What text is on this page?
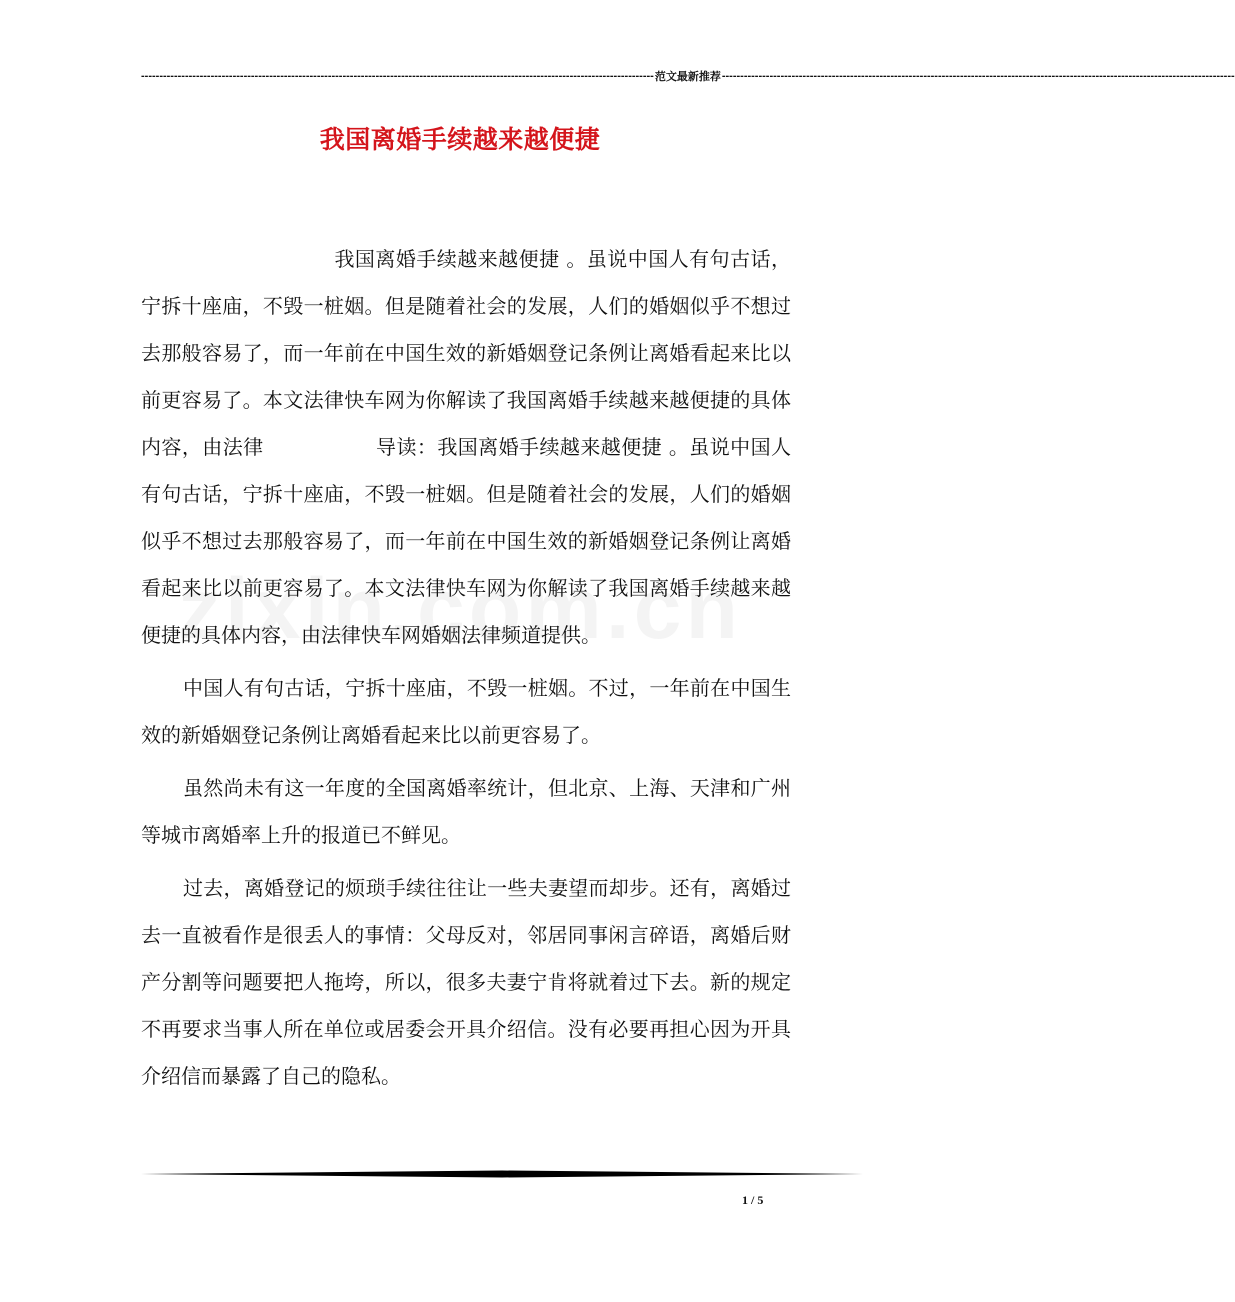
-------------------------------------------------------------------------------------------------------------------------------------------- 范文最新推荐 --------------------------------------------------------------------------------------------------------------------------------------------
我国离婚手续越来越便捷

我国离婚手续越来越便捷 。虽说中国人有句古话，宁拆十座庙，不毁一桩姻。但是随着社会的发展，人们的婚姻似乎不想过去那般容易了，而一年前在中国生效的新婚姻登记条例让离婚看起来比以前更容易了。本文法律快车网为你解读了我国离婚手续越来越便捷的具体内容，由法律	导读：我国离婚手续越来越便捷 。虽说中国人有句古话，宁拆十座庙，不毁一桩姻。但是随着社会的发展，人们的婚姻似乎不想过去那般容易了，而一年前在中国生效的新婚姻登记条例让离婚看起来比以前更容易了。本文法律快车网为你解读了我国离婚手续越来越便捷的具体内容，由法律快车网婚姻法律频道提供。

中国人有句古话，宁拆十座庙，不毁一桩姻。不过，一年前在中国生效的新婚姻登记条例让离婚看起来比以前更容易了。

虽然尚未有这一年度的全国离婚率统计，但北京、上海、天津和广州等城市离婚率上升的报道已不鲜见。

过去，离婚登记的烦琐手续往往让一些夫妻望而却步。还有，离婚过去一直被看作是很丢人的事情：父母反对，邻居同事闲言碎语，离婚后财产分割等问题要把人拖垮，所以，很多夫妻宁肯将就着过下去。新的规定不再要求当事人所在单位或居委会开具介绍信。没有必要再担心因为开具介绍信而暴露了自己的隐私。

1 / 5
